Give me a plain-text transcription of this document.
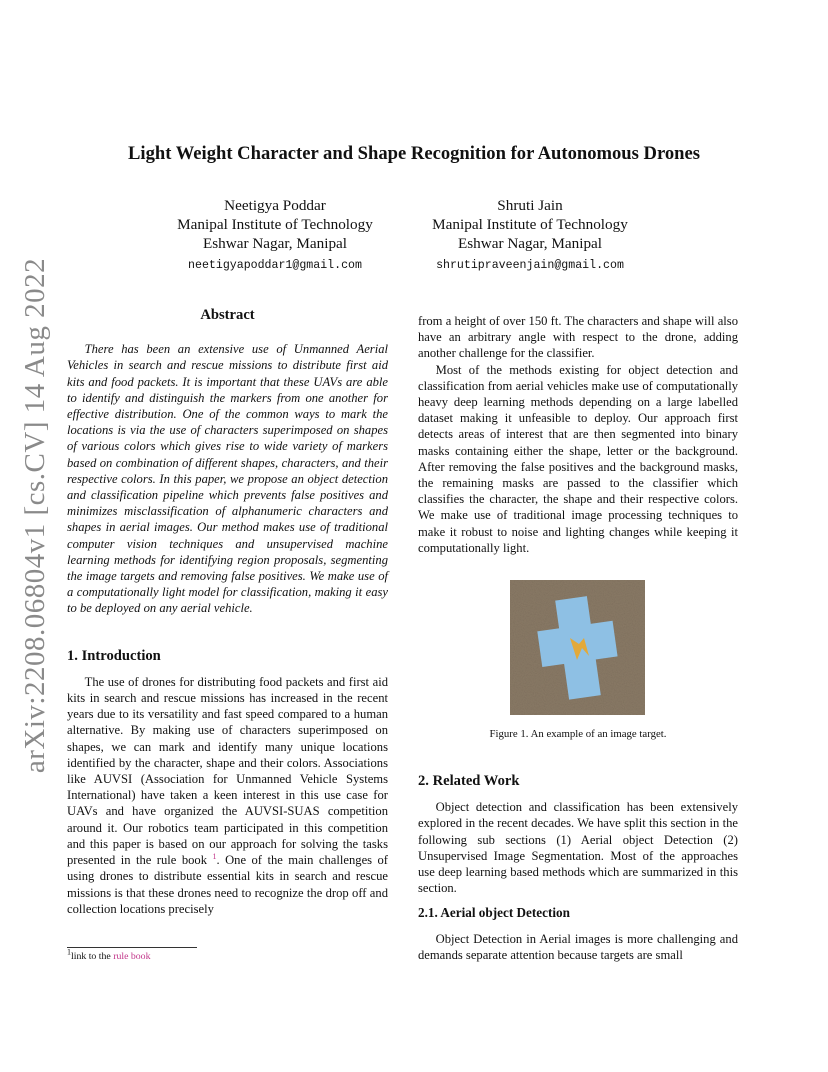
arXiv:2208.06804v1 [cs.CV] 14 Aug 2022
Light Weight Character and Shape Recognition for Autonomous Drones
Neetigya Poddar
Manipal Institute of Technology
Eshwar Nagar, Manipal
neetigyapoddar1@gmail.com
Shruti Jain
Manipal Institute of Technology
Eshwar Nagar, Manipal
shrutipraveenjain@gmail.com
Abstract

There has been an extensive use of Unmanned Aerial Vehicles in search and rescue missions to distribute first aid kits and food packets. It is important that these UAVs are able to identify and distinguish the markers from one another for effective distribution. One of the common ways to mark the locations is via the use of characters superimposed on shapes of various colors which gives rise to wide variety of markers based on combination of different shapes, characters, and their respective colors. In this paper, we propose an object detection and classification pipeline which prevents false positives and minimizes misclassification of alphanumeric characters and shapes in aerial images. Our method makes use of traditional computer vision techniques and unsupervised machine learning methods for identifying region proposals, segmenting the image targets and removing false positives. We make use of a computationally light model for classification, making it easy to be deployed on any aerial vehicle.

1. Introduction

The use of drones for distributing food packets and first aid kits in search and rescue missions has increased in the recent years due to its versatility and fast speed compared to a human alternative. By making use of characters superimposed on shapes, we can mark and identify many unique locations identified by the character, shape and their colors. Associations like AUVSI (Association for Unmanned Vehicle Systems International) have taken a keen interest in this use case for UAVs and have organized the AUVSI-SUAS competition around it. Our robotics team participated in this competition and this paper is based on our approach for solving the tasks presented in the rule book $^1$. One of the main challenges of using drones to distribute essential kits in search and rescue missions is that these drones need to recognize the drop off and collection locations precisely

$^1$link to the rule book

from a height of over 150 ft. The characters and shape will also have an arbitrary angle with respect to the drone, adding another challenge for the classifier.

Most of the methods existing for object detection and classification from aerial vehicles make use of computationally heavy deep learning methods depending on a large labelled dataset making it unfeasible to deploy. Our approach first detects areas of interest that are then segmented into binary masks containing either the shape, letter or the background. After removing the false positives and the background masks, the remaining masks are passed to the classifier which classifies the character, the shape and their respective colors. We make use of traditional image processing techniques to make it robust to noise and lighting changes while keeping it computationally light.

Figure 1. An example of an image target.
2. Related Work

Object detection and classification has been extensively explored in the recent decades. We have split this section in the following sub sections (1) Aerial object Detection (2) Unsupervised Image Segmentation. Most of the approaches use deep learning based methods which are summarized in this section.

2.1. Aerial object Detection

Object Detection in Aerial images is more challenging and demands separate attention because targets are small
